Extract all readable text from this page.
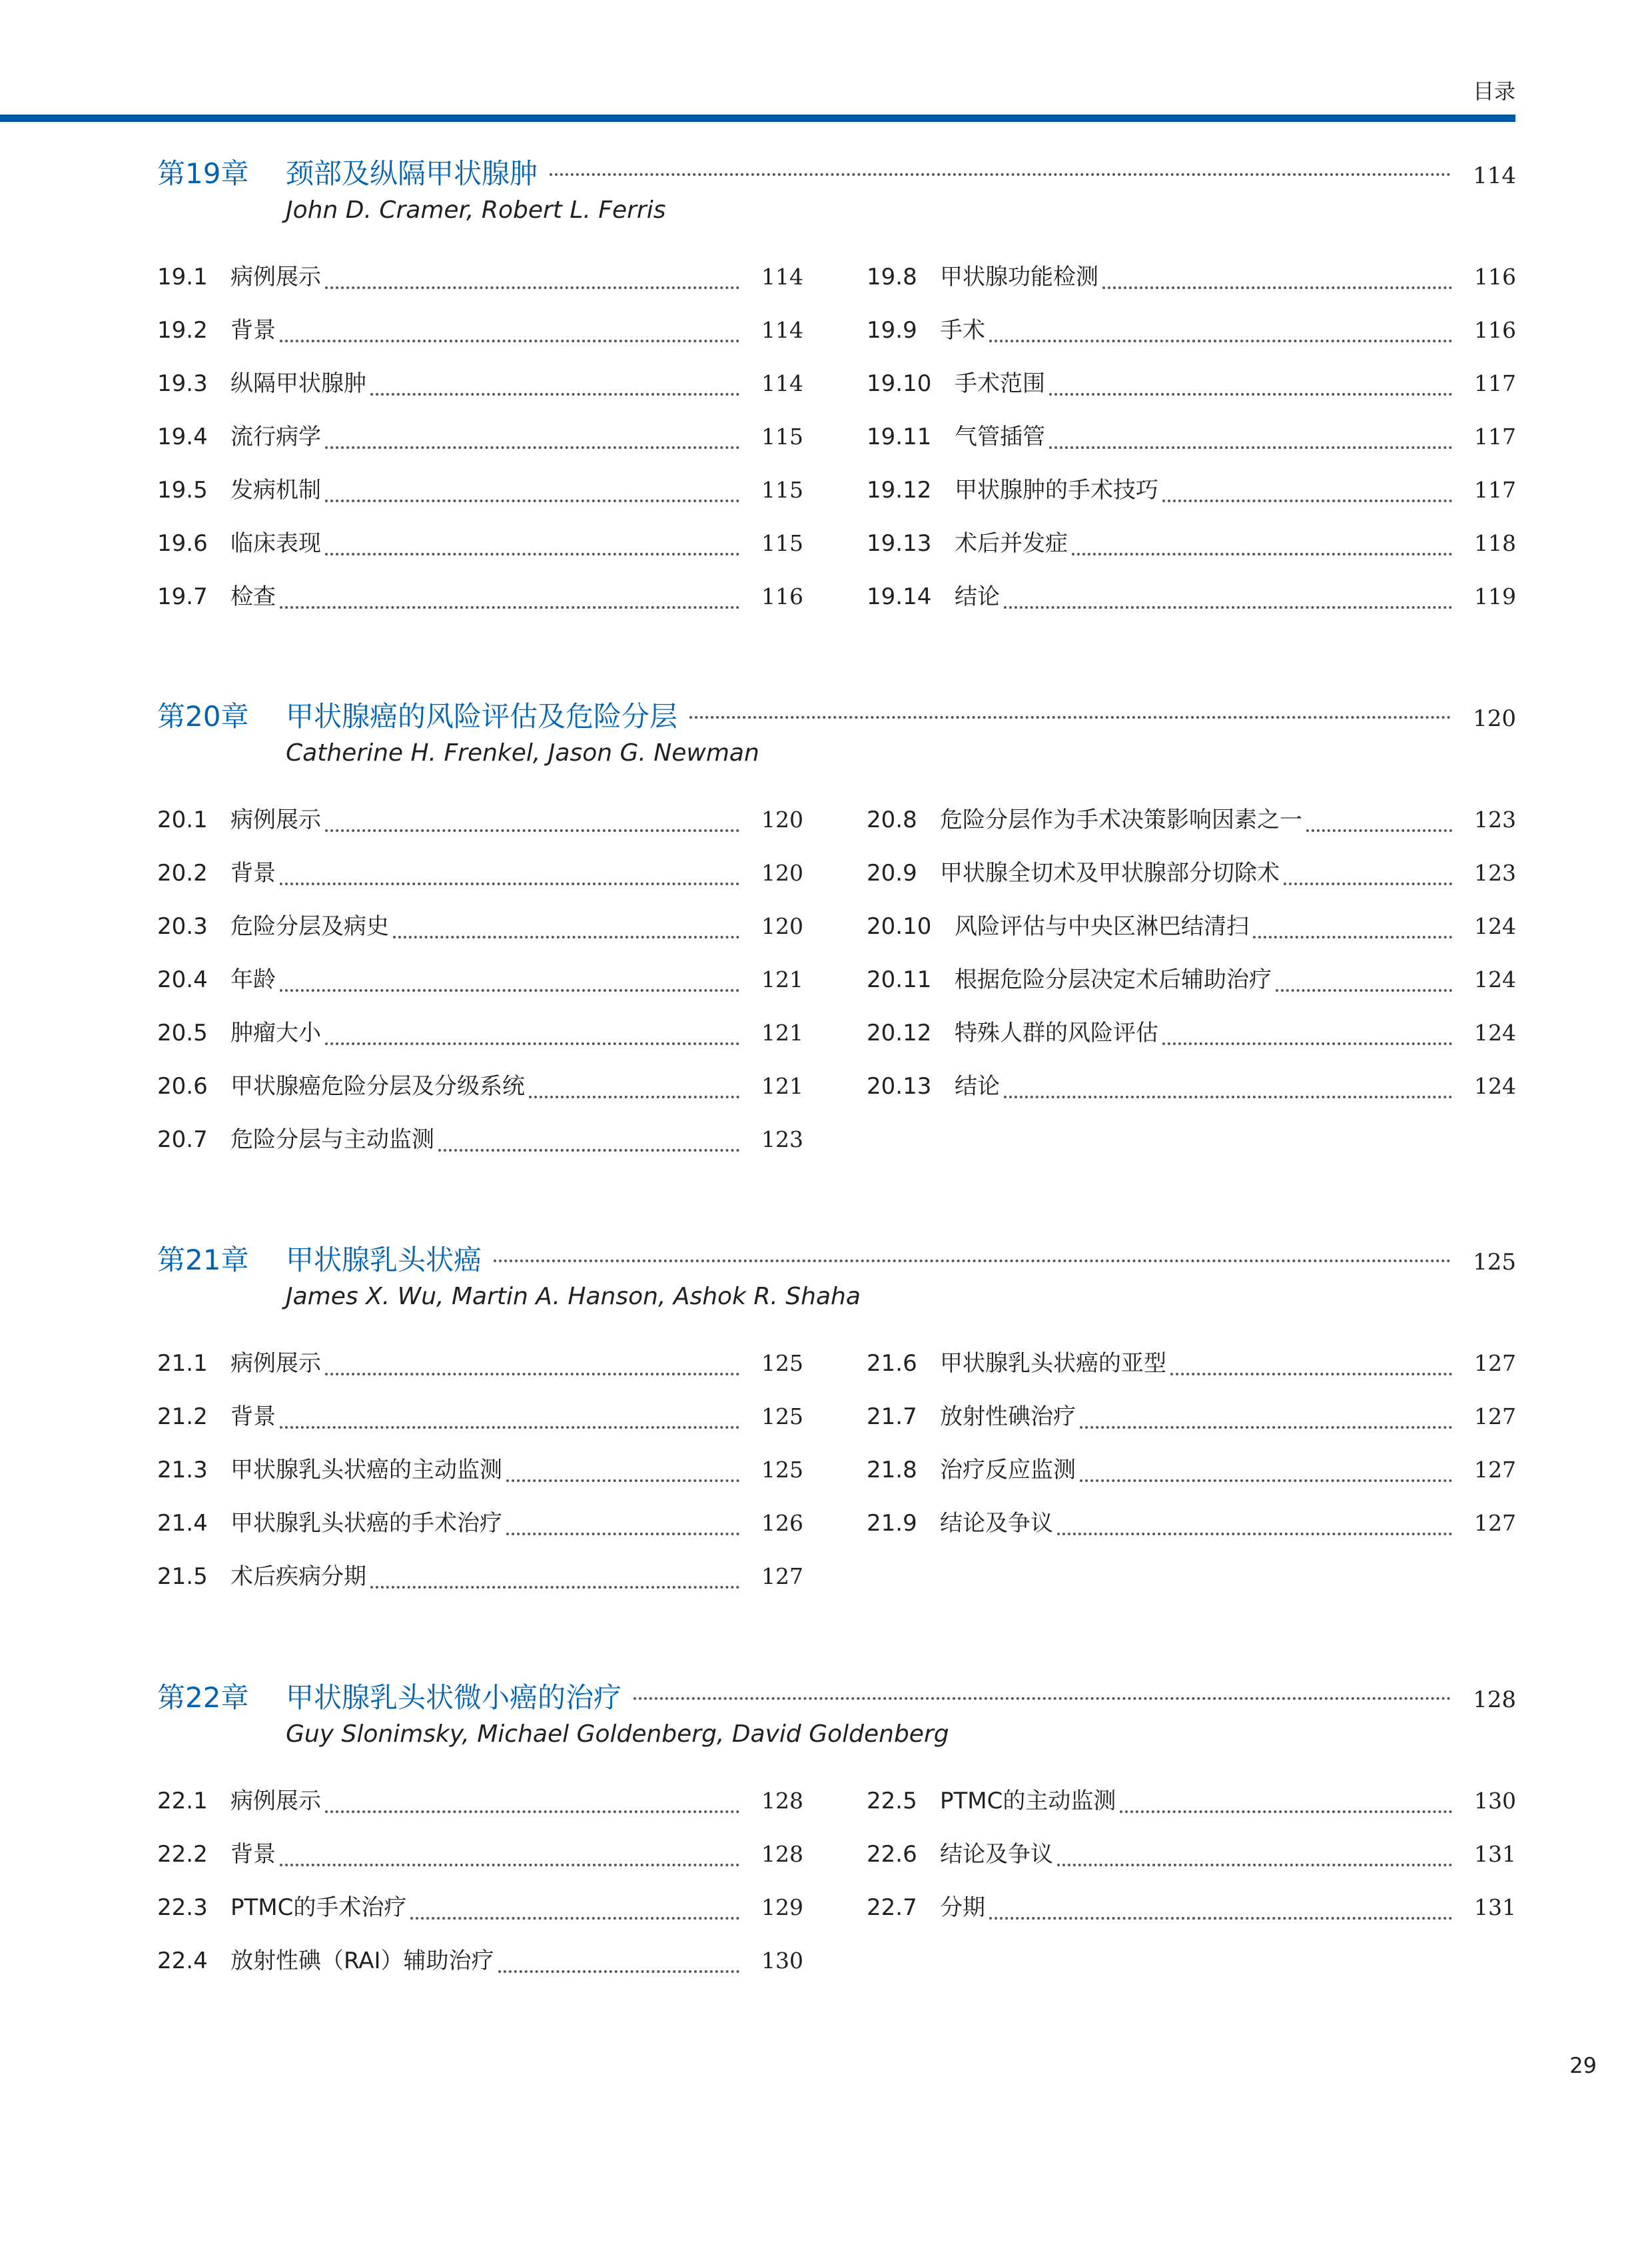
目录
第19章	颈部及纵隔甲状腺肿	114
John D. Cramer, Robert L. Ferris
19.1	病例展示	114
19.2	背景	114
19.3	纵隔甲状腺肿	114
19.4	流行病学	115
19.5	发病机制	115
19.6	临床表现	115
19.7	检查	116
19.8	甲状腺功能检测	116
19.9	手术	116
19.10	手术范围	117
19.11	气管插管	117
19.12	甲状腺肿的手术技巧	117
19.13	术后并发症	118
19.14	结论	119
第20章	甲状腺癌的风险评估及危险分层	120
Catherine H. Frenkel, Jason G. Newman
20.1	病例展示	120
20.2	背景	120
20.3	危险分层及病史	120
20.4	年龄	121
20.5	肿瘤大小	121
20.6	甲状腺癌危险分层及分级系统	121
20.7	危险分层与主动监测	123
20.8	危险分层作为手术决策影响因素之一	123
20.9	甲状腺全切术及甲状腺部分切除术	123
20.10	风险评估与中央区淋巴结清扫	124
20.11	根据危险分层决定术后辅助治疗	124
20.12	特殊人群的风险评估	124
20.13	结论	124
第21章	甲状腺乳头状癌	125
James X. Wu, Martin A. Hanson, Ashok R. Shaha
21.1	病例展示	125
21.2	背景	125
21.3	甲状腺乳头状癌的主动监测	125
21.4	甲状腺乳头状癌的手术治疗	126
21.5	术后疾病分期	127
21.6	甲状腺乳头状癌的亚型	127
21.7	放射性碘治疗	127
21.8	治疗反应监测	127
21.9	结论及争议	127
第22章	甲状腺乳头状微小癌的治疗	128
Guy Slonimsky, Michael Goldenberg, David Goldenberg
22.1	病例展示	128
22.2	背景	128
22.3	PTMC的手术治疗	129
22.4	放射性碘（RAI）辅助治疗	130
22.5	PTMC的主动监测	130
22.6	结论及争议	131
22.7	分期	131
29
